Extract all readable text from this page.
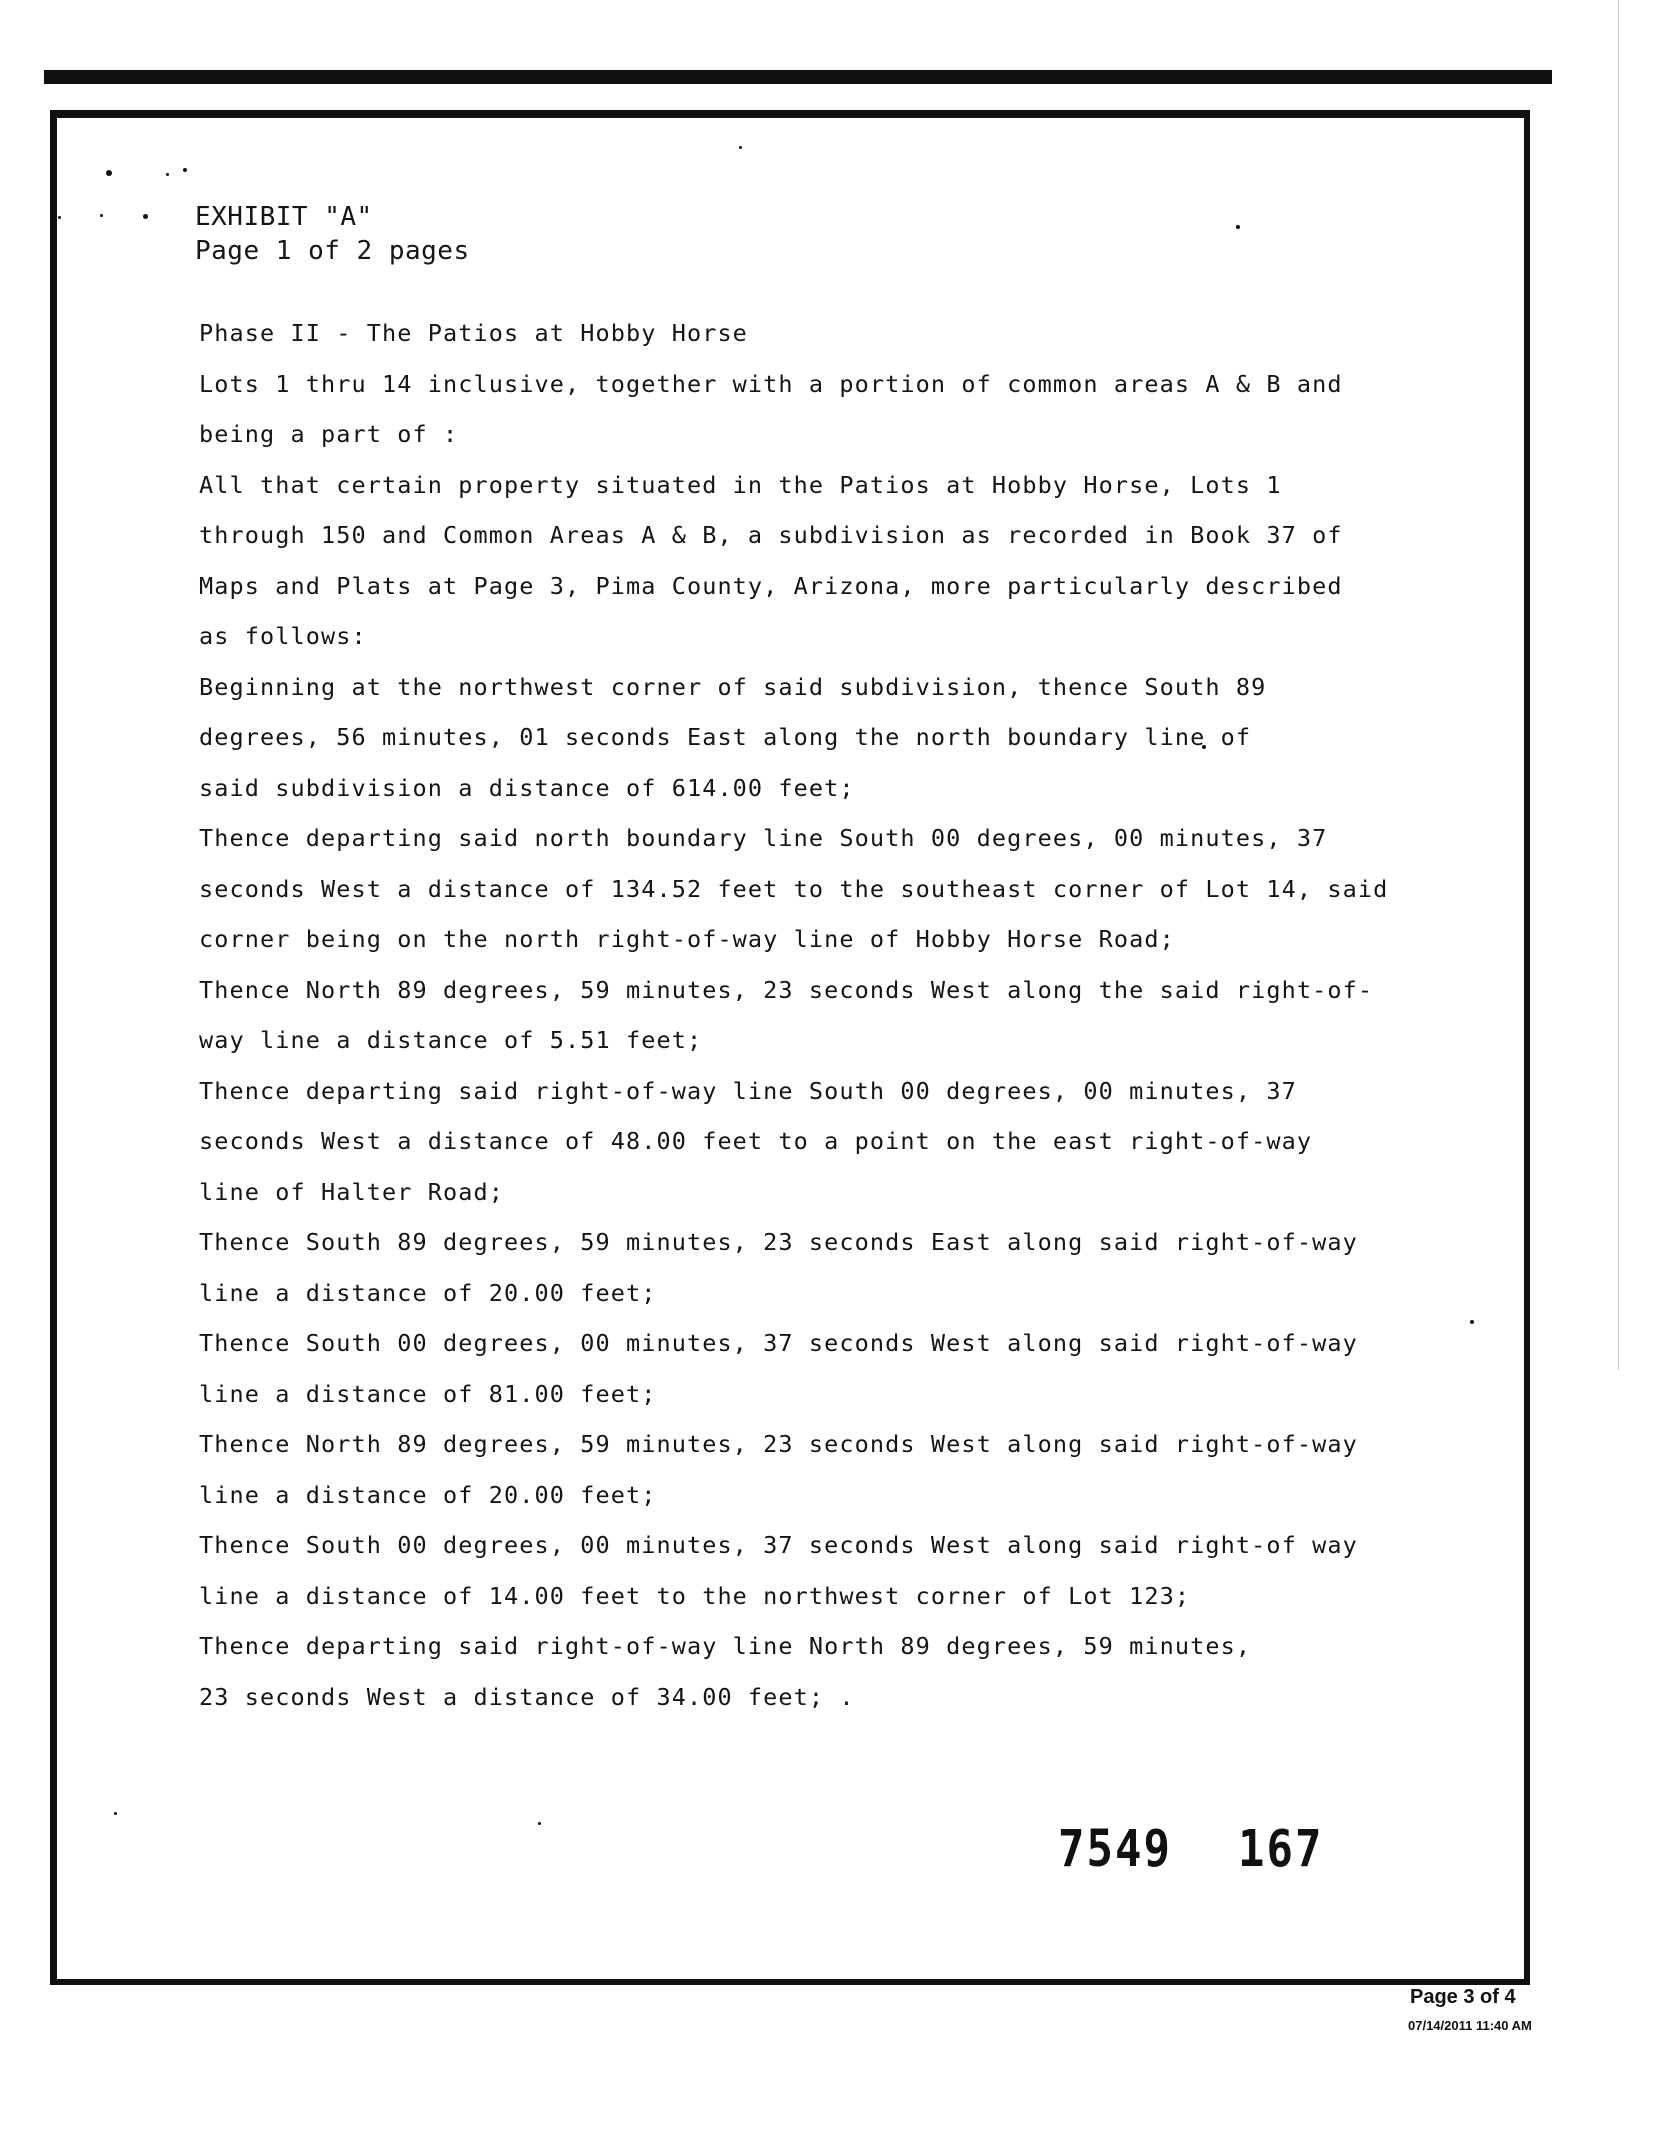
EXHIBIT "A"
Page 1 of 2 pages
Phase II - The Patios at Hobby Horse
Lots 1 thru 14 inclusive, together with a portion of common areas A & B and
being a part of :
All that certain property situated in the Patios at Hobby Horse, Lots 1
through 150 and Common Areas A & B, a subdivision as recorded in Book 37 of
Maps and Plats at Page 3, Pima County, Arizona, more particularly described
as follows:
Beginning at the northwest corner of said subdivision, thence South 89
degrees, 56 minutes, 01 seconds East along the north boundary line of
said subdivision a distance of 614.00 feet;
Thence departing said north boundary line South 00 degrees, 00 minutes, 37
seconds West a distance of 134.52 feet to the southeast corner of Lot 14, said
corner being on the north right-of-way line of Hobby Horse Road;
Thence North 89 degrees, 59 minutes, 23 seconds West along the said right-of-
way line a distance of 5.51 feet;
Thence departing said right-of-way line South 00 degrees, 00 minutes, 37
seconds West a distance of 48.00 feet to a point on the east right-of-way
line of Halter Road;
Thence South 89 degrees, 59 minutes, 23 seconds East along said right-of-way
line a distance of 20.00 feet;
Thence South 00 degrees, 00 minutes, 37 seconds West along said right-of-way
line a distance of 81.00 feet;
Thence North 89 degrees, 59 minutes, 23 seconds West along said right-of-way
line a distance of 20.00 feet;
Thence South 00 degrees, 00 minutes, 37 seconds West along said right-of way
line a distance of 14.00 feet to the northwest corner of Lot 123;
Thence departing said right-of-way line North 89 degrees, 59 minutes,
23 seconds West a distance of 34.00 feet; .
7549 167
Page 3 of 4
07/14/2011 11:40 AM
